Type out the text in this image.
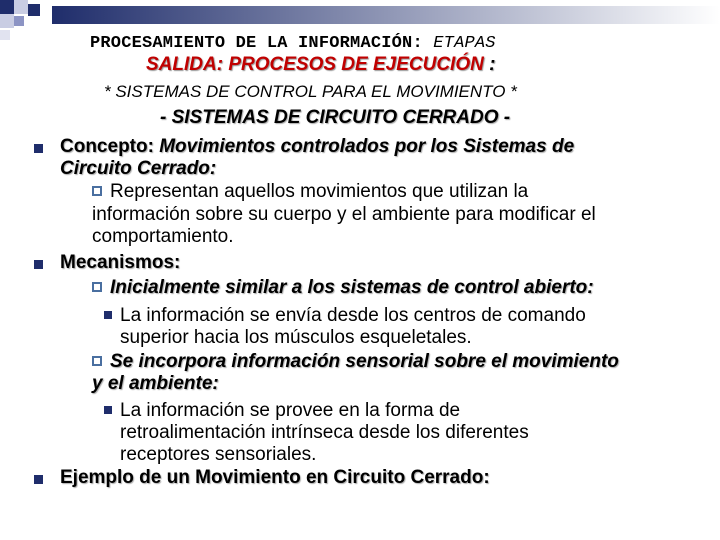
PROCESAMIENTO DE LA INFORMACIÓN: ETAPAS
SALIDA: PROCESOS DE EJECUCIÓN :
* SISTEMAS DE CONTROL PARA EL MOVIMIENTO *
- SISTEMAS DE CIRCUITO CERRADO -
Concepto: Movimientos controlados por los Sistemas de
Circuito Cerrado:
Representan aquellos movimientos que utilizan la
información sobre su cuerpo y el ambiente para modificar el
comportamiento.
Mecanismos:
Inicialmente similar a los sistemas de control abierto:
La información se envía desde los centros de comando
superior hacia los músculos esqueletales.
Se incorpora información sensorial sobre el movimiento
y el ambiente:
La información se provee en la forma de
retroalimentación intrínseca desde los diferentes
receptores sensoriales.
Ejemplo de un Movimiento en Circuito Cerrado:
